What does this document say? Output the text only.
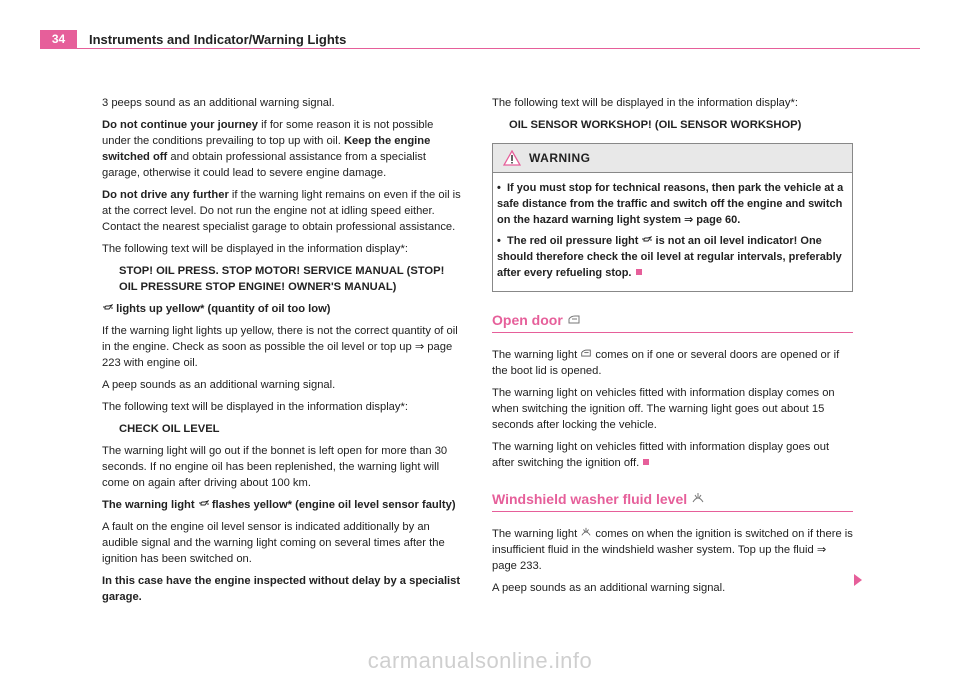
34	Instruments and Indicator/Warning Lights

3 peeps sound as an additional warning signal.

Do not continue your journey if for some reason it is not possible under the conditions prevailing to top up with oil. Keep the engine switched off and obtain professional assistance from a specialist garage, otherwise it could lead to severe engine damage.

Do not drive any further if the warning light remains on even if the oil is at the correct level. Do not run the engine not at idling speed either. Contact the nearest specialist garage to obtain professional assistance.

The following text will be displayed in the information display*:

STOP! OIL PRESS. STOP MOTOR! SERVICE MANUAL (STOP! OIL PRESSURE STOP ENGINE! OWNER'S MANUAL)

lights up yellow* (quantity of oil too low)

If the warning light lights up yellow, there is not the correct quantity of oil in the engine. Check as soon as possible the oil level or top up ⇒ page 223 with engine oil.

A peep sounds as an additional warning signal.

The following text will be displayed in the information display*:

CHECK OIL LEVEL

The warning light will go out if the bonnet is left open for more than 30 seconds. If no engine oil has been replenished, the warning light will come on again after driving about 100 km.

The warning light
flashes yellow* (engine oil level sensor faulty)

A fault on the engine oil level sensor is indicated additionally by an audible signal and the warning light coming on several times after the ignition has been switched on.

In this case have the engine inspected without delay by a specialist garage.

The following text will be displayed in the information display*:

OIL SENSOR WORKSHOP! (OIL SENSOR WORKSHOP)

WARNING

• If you must stop for technical reasons, then park the vehicle at a safe distance from the traffic and switch off the engine and switch on the hazard warning light system ⇒ page 60.

• The red oil pressure light
is not an oil level indicator! One should therefore check the oil level at regular intervals, preferably after every refueling stop.

Open door

The warning light  comes on if one or several doors are opened or if the boot lid is opened.

The warning light on vehicles fitted with information display comes on when switching the ignition off. The warning light goes out about 15 seconds after locking the vehicle.

The warning light on vehicles fitted with information display goes out after switching the ignition off.

Windshield washer fluid level

The warning light  comes on when the ignition is switched on if there is insufficient fluid in the windshield washer system. Top up the fluid ⇒ page 233.

A peep sounds as an additional warning signal.

carmanualsonline.info
